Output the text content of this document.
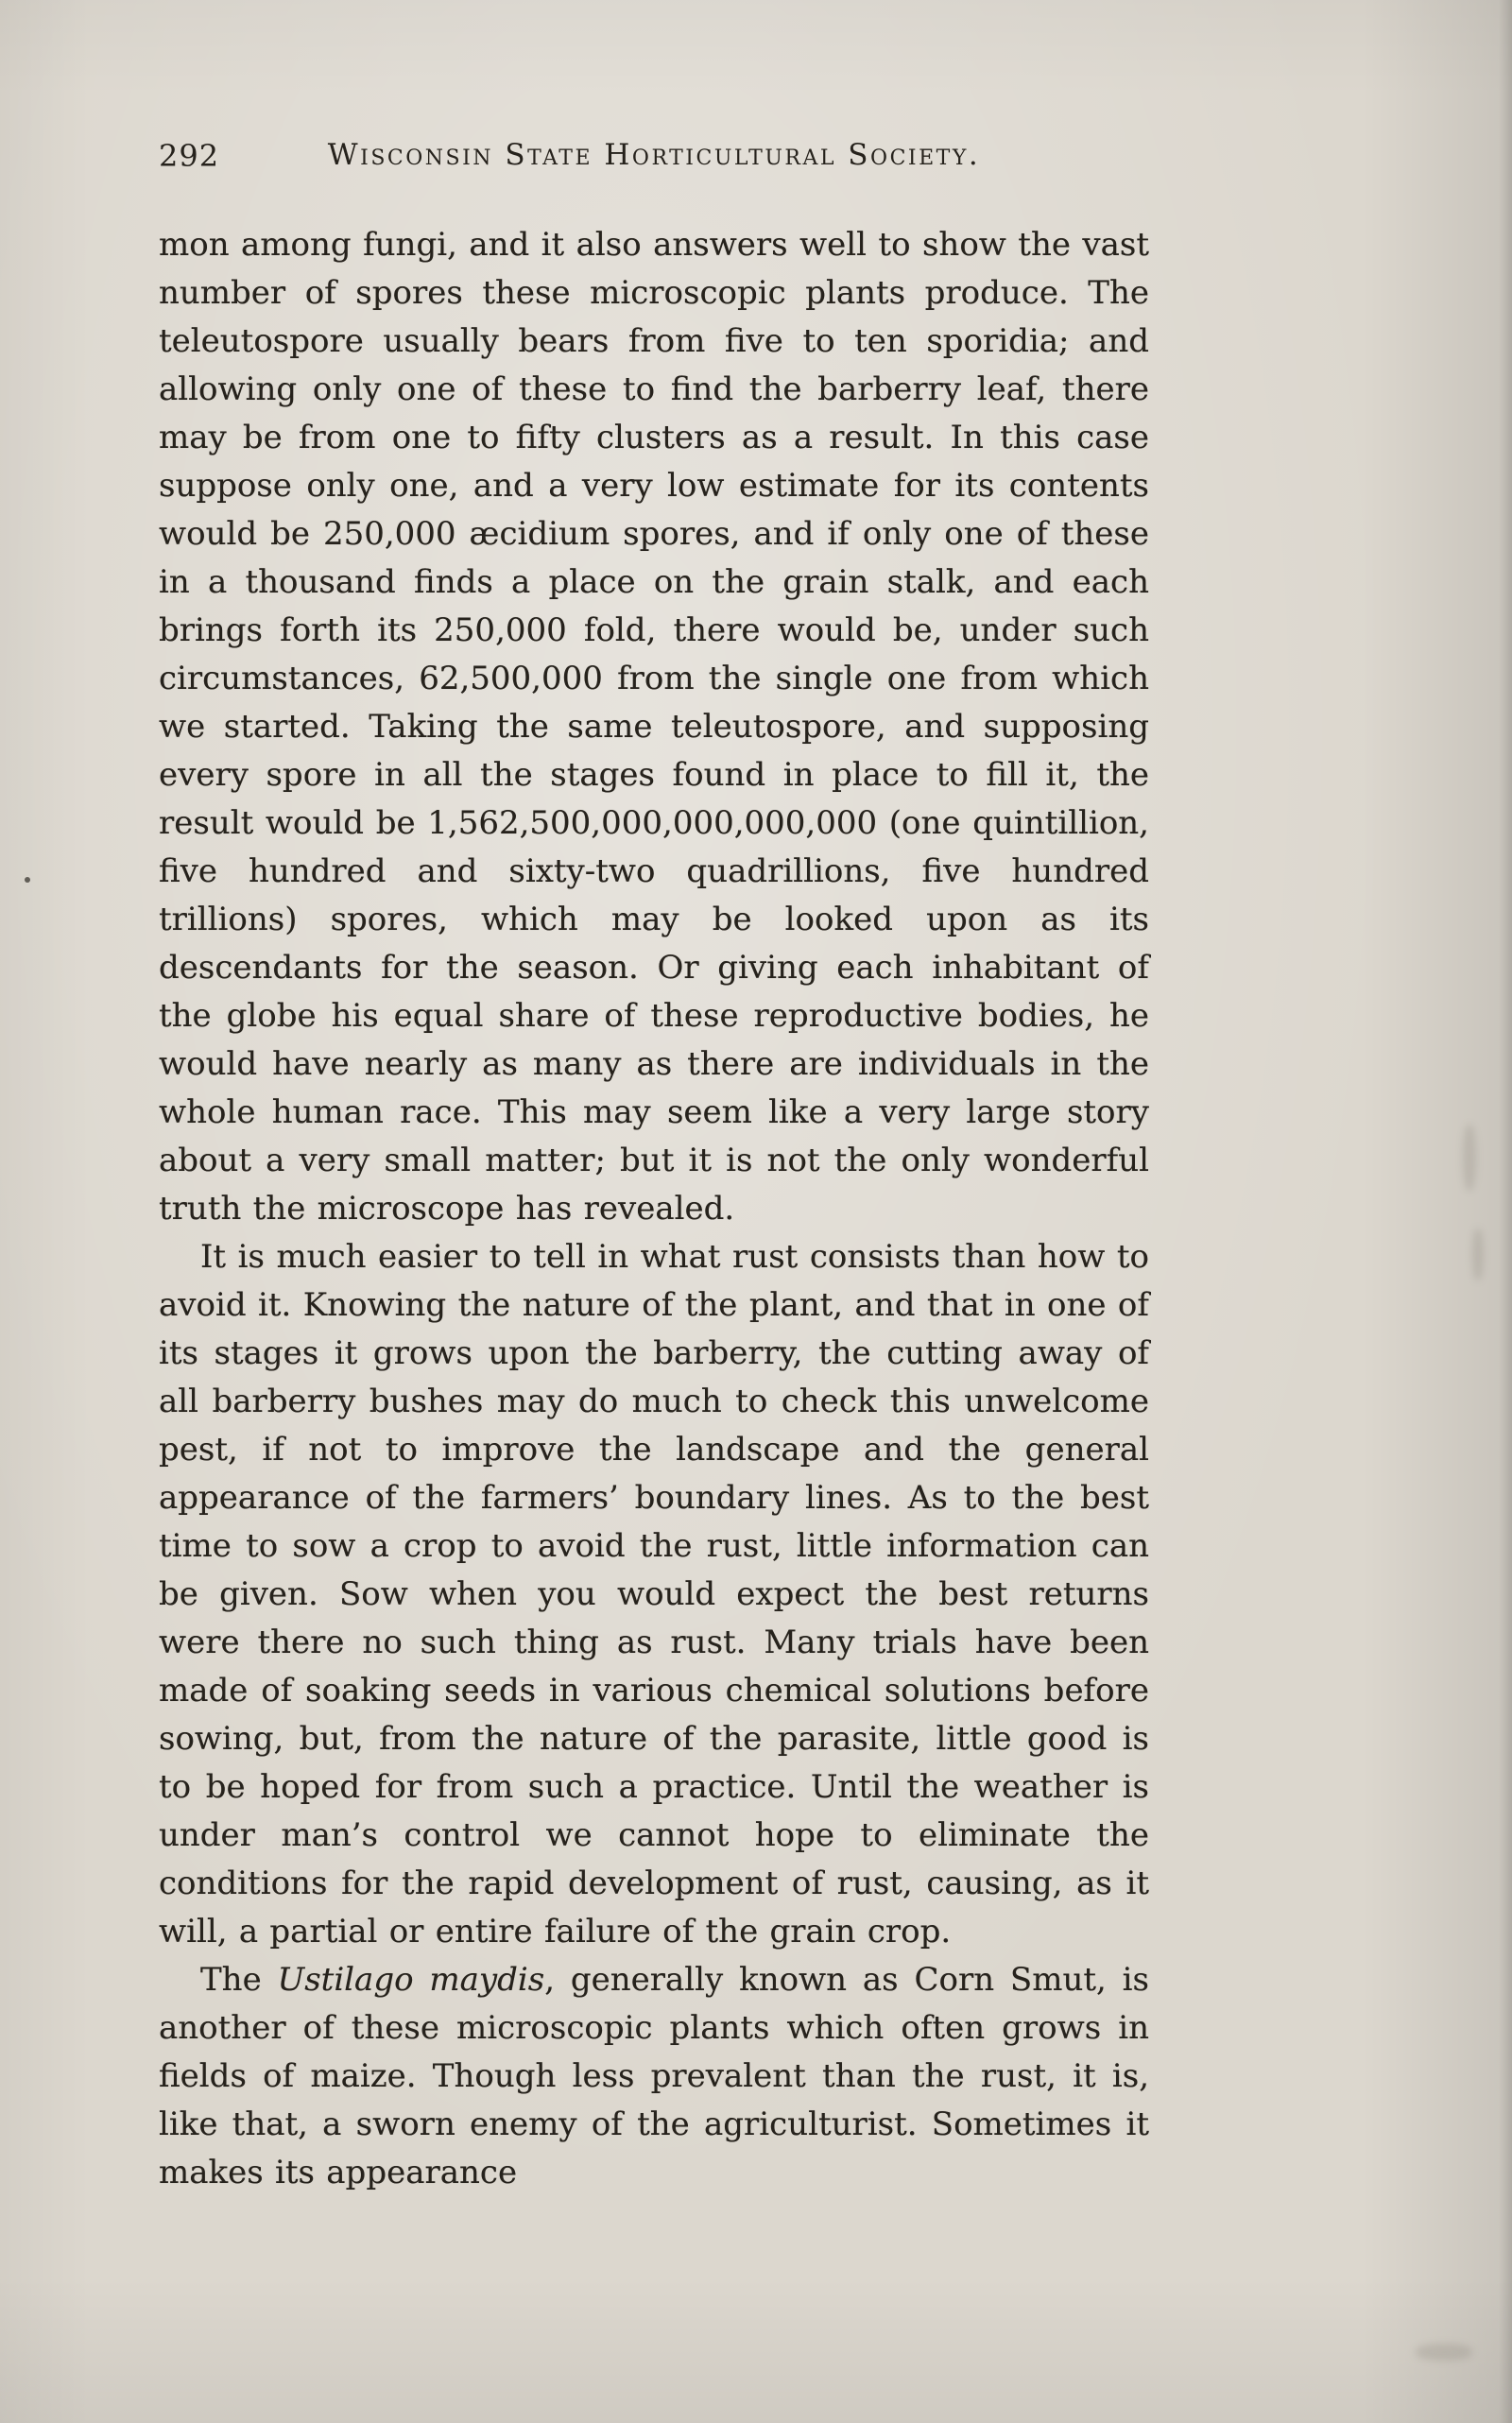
292	Wisconsin State Horticultural Society.

mon among fungi, and it also answers well to show the vast number of spores these microscopic plants produce. The teleutospore usually bears from five to ten sporidia; and allowing only one of these to find the barberry leaf, there may be from one to fifty clusters as a result. In this case suppose only one, and a very low estimate for its contents would be 250,000 æcidium spores, and if only one of these in a thousand finds a place on the grain stalk, and each brings forth its 250,000 fold, there would be, under such circumstances, 62,500,000 from the single one from which we started. Taking the same teleutospore, and supposing every spore in all the stages found in place to fill it, the result would be 1,562,500,000,000,000,000 (one quintillion, five hundred and sixty-two quadrillions, five hundred trillions) spores, which may be looked upon as its descendants for the season. Or giving each inhabitant of the globe his equal share of these reproductive bodies, he would have nearly as many as there are individuals in the whole human race. This may seem like a very large story about a very small matter; but it is not the only wonderful truth the microscope has revealed.

It is much easier to tell in what rust consists than how to avoid it. Knowing the nature of the plant, and that in one of its stages it grows upon the barberry, the cutting away of all barberry bushes may do much to check this unwelcome pest, if not to improve the landscape and the general appearance of the farmers’ boundary lines. As to the best time to sow a crop to avoid the rust, little information can be given. Sow when you would expect the best returns were there no such thing as rust. Many trials have been made of soaking seeds in various chemical solutions before sowing, but, from the nature of the parasite, little good is to be hoped for from such a practice. Until the weather is under man’s control we cannot hope to eliminate the conditions for the rapid development of rust, causing, as it will, a partial or entire failure of the grain crop.

The Ustilago maydis, generally known as Corn Smut, is another of these microscopic plants which often grows in fields of maize. Though less prevalent than the rust, it is, like that, a sworn enemy of the agriculturist. Sometimes it makes its appearance
